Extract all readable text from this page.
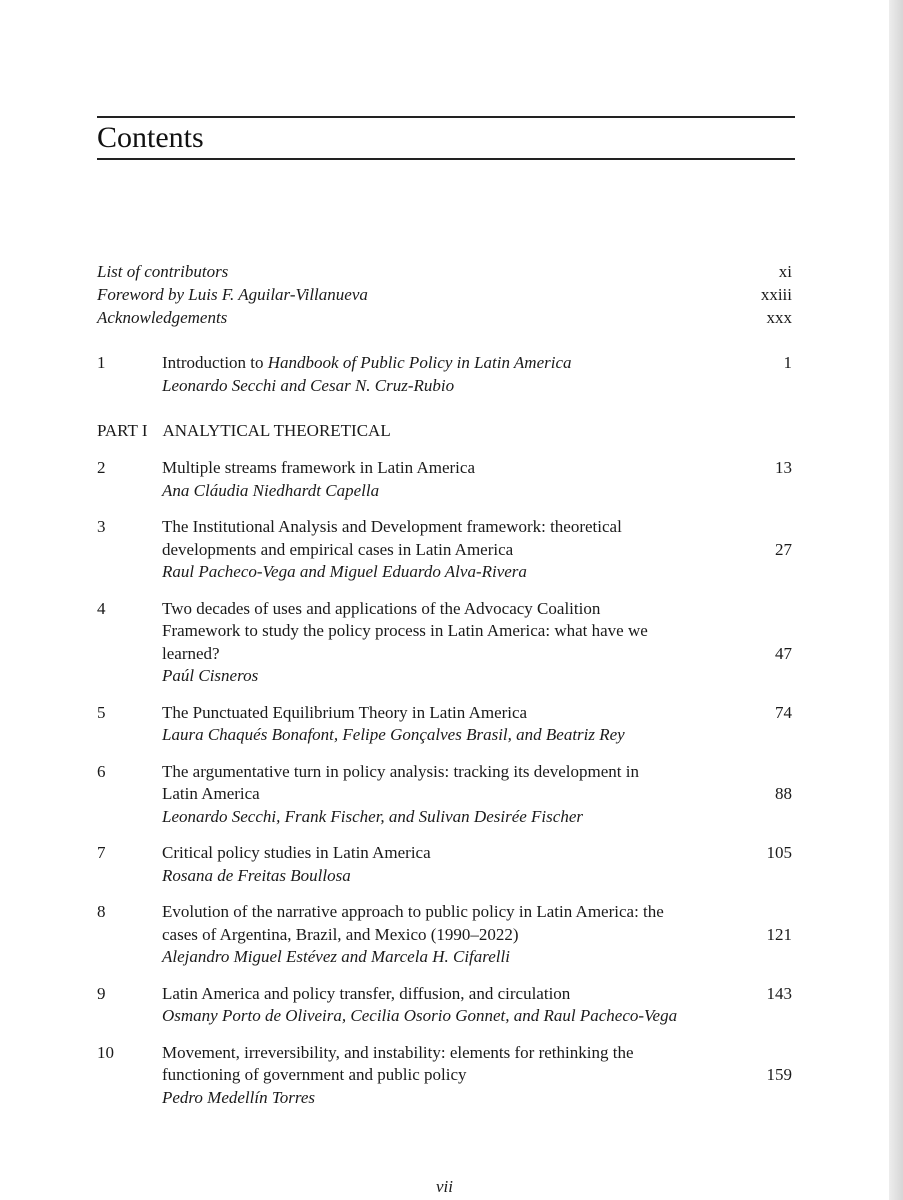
Contents
List of contributors	xi
Foreword by Luis F. Aguilar-Villanueva	xxiii
Acknowledgements	xxx
1	Introduction to Handbook of Public Policy in Latin America	1
Leonardo Secchi and Cesar N. Cruz-Rubio
PART I ANALYTICAL THEORETICAL
2	Multiple streams framework in Latin America	13
Ana Cláudia Niedhardt Capella
3	The Institutional Analysis and Development framework: theoretical
developments and empirical cases in Latin America	27
Raul Pacheco-Vega and Miguel Eduardo Alva-Rivera
4	Two decades of uses and applications of the Advocacy Coalition
Framework to study the policy process in Latin America: what have we
learned?	47
Paúl Cisneros
5	The Punctuated Equilibrium Theory in Latin America	74
Laura Chaqués Bonafont, Felipe Gonçalves Brasil, and Beatriz Rey
6	The argumentative turn in policy analysis: tracking its development in
Latin America	88
Leonardo Secchi, Frank Fischer, and Sulivan Desirée Fischer
7	Critical policy studies in Latin America	105
Rosana de Freitas Boullosa
8	Evolution of the narrative approach to public policy in Latin America: the
cases of Argentina, Brazil, and Mexico (1990–2022)	121
Alejandro Miguel Estévez and Marcela H. Cifarelli
9	Latin America and policy transfer, diffusion, and circulation	143
Osmany Porto de Oliveira, Cecilia Osorio Gonnet, and Raul Pacheco-Vega
10	Movement, irreversibility, and instability: elements for rethinking the
functioning of government and public policy	159
Pedro Medellín Torres
vii
